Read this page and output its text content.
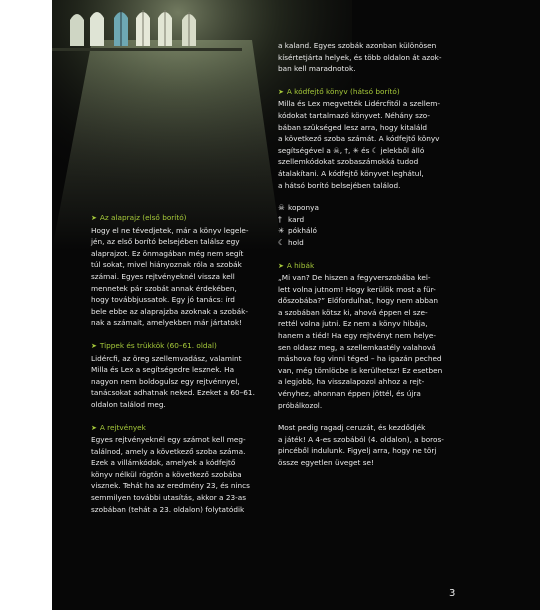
➤ Az alaprajz (első borító)

Hogy el ne tévedjetek, már a könyv legele-

jén, az első borító belsejében találsz egy

alaprajzot. Ez önmagában még nem segít

túl sokat, mivel hiányoznak róla a szobák

számai. Egyes rejtvényeknél vissza kell

mennetek pár szobát annak érdekében,

hogy továbbjussatok. Egy jó tanács: írd

bele ebbe az alaprajzba azoknak a szobák-

nak a számait, amelyekben már jártatok!

➤ Tippek és trükkök (60–61. oldal)

Lidércfi, az öreg szellemvadász, valamint

Milla és Lex a segítségedre lesznek. Ha

nagyon nem boldogulsz egy rejtvénnyel,

tanácsokat adhatnak neked. Ezeket a 60–61.

oldalon találod meg.

➤ A rejtvények

Egyes rejtvényeknél egy számot kell meg-

találnod, amely a következő szoba száma.

Ezek a villámkódok, amelyek a kódfejtő

könyv nélkül rögtön a következő szobába

visznek. Tehát ha az eredmény 23, és nincs

semmilyen további utasítás, akkor a 23-as

szobában (tehát a 23. oldalon) folytatódik

a kaland. Egyes szobák azonban különösen

kísértetjárta helyek, és több oldalon át azok-

ban kell maradnotok.

➤ A kódfejtő könyv (hátsó borító)

Milla és Lex megvették Lidércfitől a szellem-

kódokat tartalmazó könyvet. Néhány szo-

bában szükséged lesz arra, hogy kitaláld

a következő szoba számát. A kódfejtő könyv

segítségével a ☠, †, ✳ és ☾ jelekből álló

szellemkódokat szobaszámokká tudod

átalakítani. A kódfejtő könyvet leghátul,

a hátsó borító belsejében találod.

☠ koponya
† kard
✳ pókháló
☾ hold

➤ A hibák

„Mi van? De hiszen a fegyverszobába kel-

lett volna jutnom! Hogy kerülök most a für-

dőszobába?” Előfordulhat, hogy nem abban

a szobában kötsz ki, ahová éppen el sze-

rettél volna jutni. Ez nem a könyv hibája,

hanem a tiéd! Ha egy rejtvényt nem helye-

sen oldasz meg, a szellemkastély valahová

máshova fog vinni téged – ha igazán peched

van, még tömlöcbe is kerülhetsz! Ez esetben

a legjobb, ha visszalapozol ahhoz a rejt-

vényhez, ahonnan éppen jöttél, és újra

próbálkozol.

Most pedig ragadj ceruzát, és kezdődjék

a játék! A 4-es szobából (4. oldalon), a boros-

pincéből indulunk. Figyelj arra, hogy ne törj

össze egyetlen üveget se!

3
